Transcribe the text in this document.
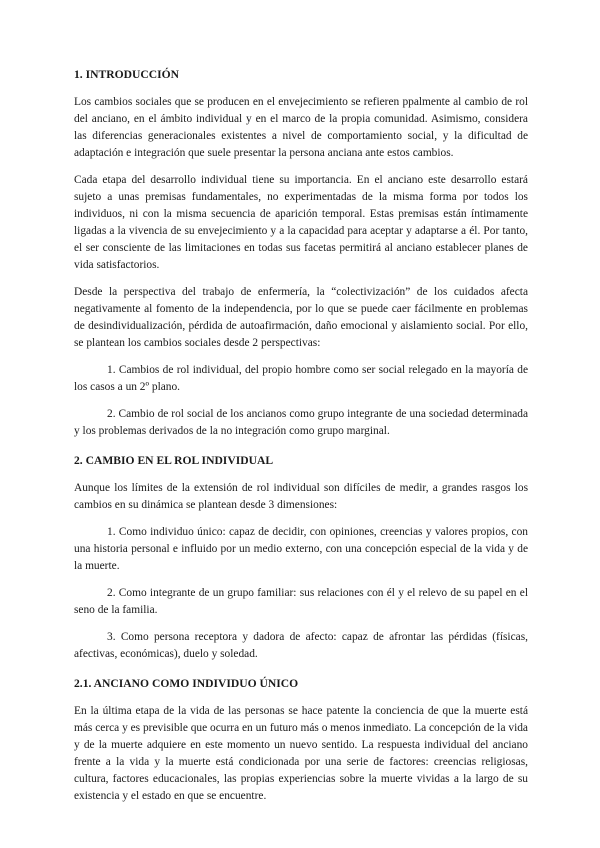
1. INTRODUCCIÓN

Los cambios sociales que se producen en el envejecimiento se refieren ppalmente al cambio de rol del anciano, en el ámbito individual y en el marco de la propia comunidad. Asimismo, considera las diferencias generacionales existentes a nivel de comportamiento social, y la dificultad de adaptación e integración que suele presentar la persona anciana ante estos cambios.

Cada etapa del desarrollo individual tiene su importancia. En el anciano este desarrollo estará sujeto a unas premisas fundamentales, no experimentadas de la misma forma por todos los individuos, ni con la misma secuencia de aparición temporal. Estas premisas están íntimamente ligadas a la vivencia de su envejecimiento y a la capacidad para aceptar y adaptarse a él. Por tanto, el ser consciente de las limitaciones en todas sus facetas permitirá al anciano establecer planes de vida satisfactorios.

Desde la perspectiva del trabajo de enfermería, la “colectivización” de los cuidados afecta negativamente al fomento de la independencia, por lo que se puede caer fácilmente en problemas de desindividualización, pérdida de autoafirmación, daño emocional y aislamiento social. Por ello, se plantean los cambios sociales desde 2 perspectivas:

1. Cambios de rol individual, del propio hombre como ser social relegado en la mayoría de los casos a un 2º plano.

2. Cambio de rol social de los ancianos como grupo integrante de una sociedad determinada y los problemas derivados de la no integración como grupo marginal.

2. CAMBIO EN EL ROL INDIVIDUAL

Aunque los límites de la extensión de rol individual son difíciles de medir, a grandes rasgos los cambios en su dinámica se plantean desde 3 dimensiones:

1. Como individuo único: capaz de decidir, con opiniones, creencias y valores propios, con una historia personal e influido por un medio externo, con una concepción especial de la vida y de la muerte.

2. Como integrante de un grupo familiar: sus relaciones con él y el relevo de su papel en el seno de la familia.

3. Como persona receptora y dadora de afecto: capaz de afrontar las pérdidas (físicas, afectivas, económicas), duelo y soledad.

2.1. ANCIANO COMO INDIVIDUO ÚNICO

En la última etapa de la vida de las personas se hace patente la conciencia de que la muerte está más cerca y es previsible que ocurra en un futuro más o menos inmediato. La concepción de la vida y de la muerte adquiere en este momento un nuevo sentido. La respuesta individual del anciano frente a la vida y la muerte está condicionada por una serie de factores: creencias religiosas, cultura, factores educacionales, las propias experiencias sobre la muerte vividas a la largo de su existencia y el estado en que se encuentre.
